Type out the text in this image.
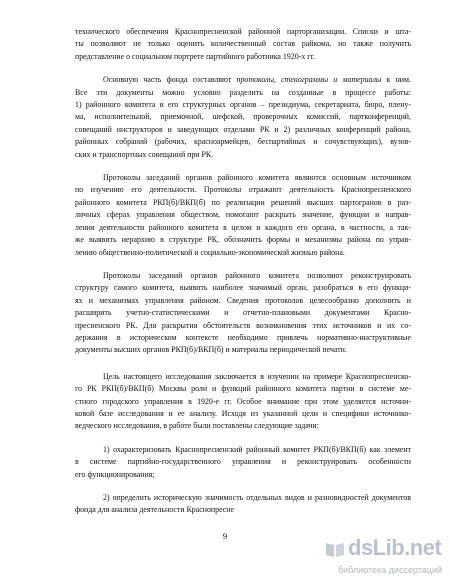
технического обеспечения Краснопресненской районной парторганизации. Списки и шта-
ты позволяют не только оценить количественный состав райкома, но также получить
представление о социальном портрете партийного работника 1920-х гг.

Основную часть фонда составляют протоколы, стенограммы и материалы к ним.
Все эти документы можно условно разделить на созданные в процессе работы:
1) районного комитета и его структурных органов – президиума, секретариата, бюро, плену-
ма, исполнительной, приемочной, шефской, проверочных комиссий, партконференций,
совещаний инструкторов и заведующих отделами РК и 2) различных конференций района,
районных собраний (рабочих, красноармейцев, беспартийных и сочувствующих), вузов-
ских и транспортных совещаний при РК.

Протоколы заседаний органов районного комитета являются основным источником
по изучению его деятельности. Протоколы отражают деятельность Краснопресненского
районного комитета РКП(б)/ВКП(б) по реализации решений высших партогранов в раз-
личных сферах управления обществом, помогают раскрыть значение, функции и направ-
ления деятельности районного комитета в целом и каждого его органа, в частности, а так-
же выявить иерархию в структуре РК, обозначить формы и механизмы района по управ-
лению общественно-политической и социально-экономической жизнью района.

Протоколы заседаний органов районного комитета позволяют реконструировать
структуру самого комитета, выявить наиболее значимый орган, разобраться в его функци-
ях и механизмах управления районом. Сведения протоколов целесообразно дополнить и
расширить учетно-статистическими и отчетно-плановыми документами Красно-
пресненского РК. Для раскрытия обстоятельств возникновения этих источников и их со-
держания в историческом контексте необходимо привлечь нормативно-инструктивные
документы высших органов РКП(б)/ВКП(б) и материалы периодической печати.

Цель настоящего исследования заключается в изучении на примере Краснопресненско-
го РК РКП(б)/ВКП(б) Москвы роли и функций районного комитета партии в системе ме-
стного городского управления в 1920-е гг. Особое внимание при этом уделяется источни-
ковой базе исследования и ее анализу. Исходя из указанной цели и специфики источнико-
ведческого исследования, в работе были поставлены следующие задачи:

1) охарактеризовать Краснопресненский районный комитет РКП(б)/ВКП(б) как элемент
в системе партийно-государственного управления и реконструировать особенности
его функционирования;

2) определить историческую значимость отдельных видов и разновидностей документов
фонда для анализа деятельности Краснопресне

9	dsLib.net
библиотека диссертаций
